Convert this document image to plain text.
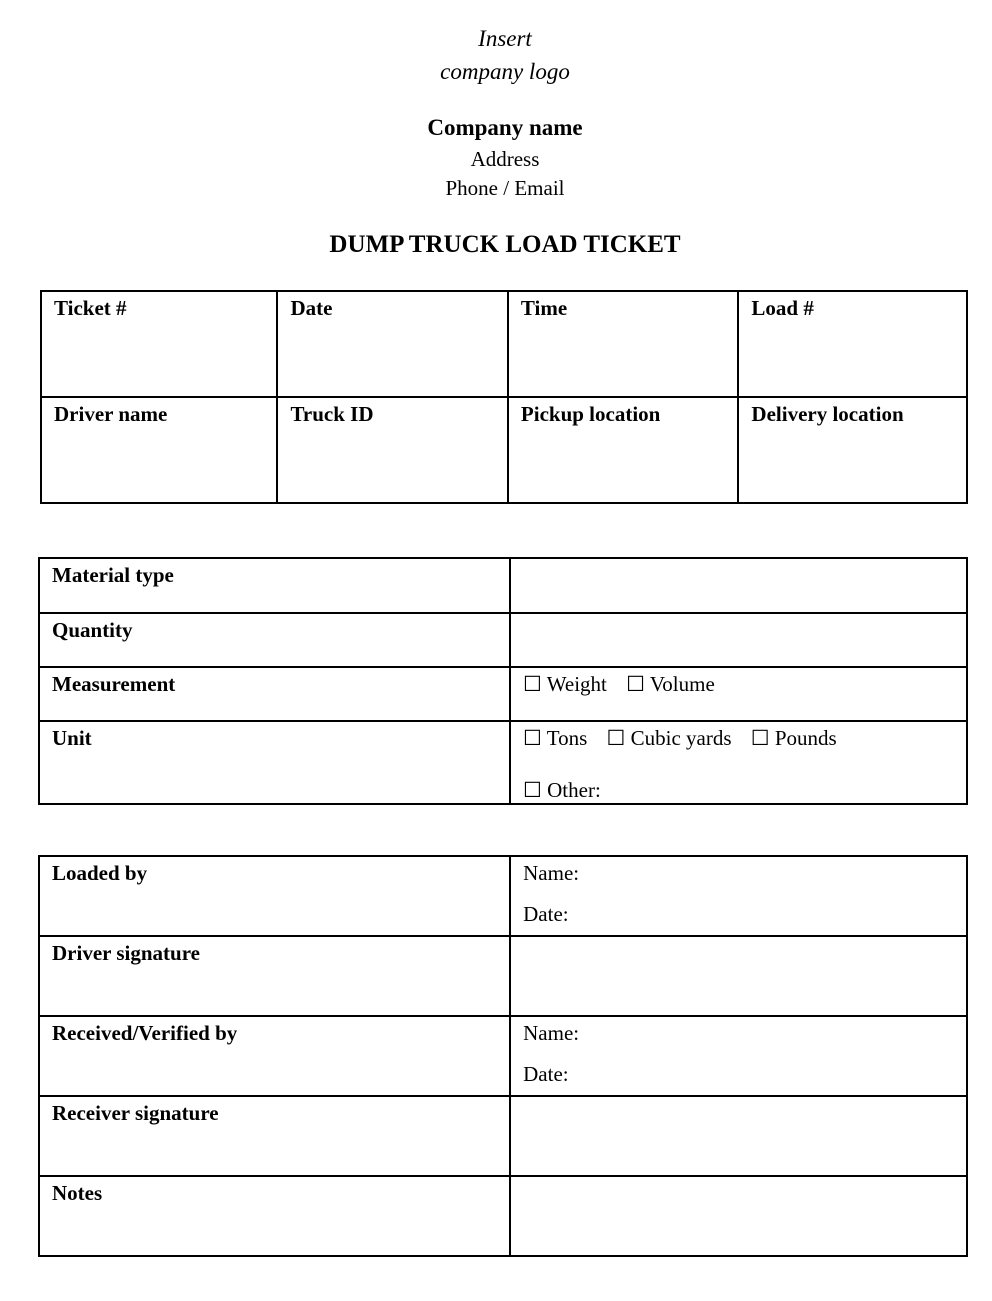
Insert
company logo
Company name
Address
Phone / Email
DUMP TRUCK LOAD TICKET
Ticket #	Date	Time	Load #
Driver name	Truck ID	Pickup location	Delivery location
Material type	
Quantity	
Measurement	☐ Weight ☐ Volume
Unit	☐ Tons ☐ Cubic yards ☐ Pounds
☐ Other:
Loaded by	Name:
Date:

Driver signature	
Received/Verified by	Name:
Date:

Receiver signature	
Notes	
